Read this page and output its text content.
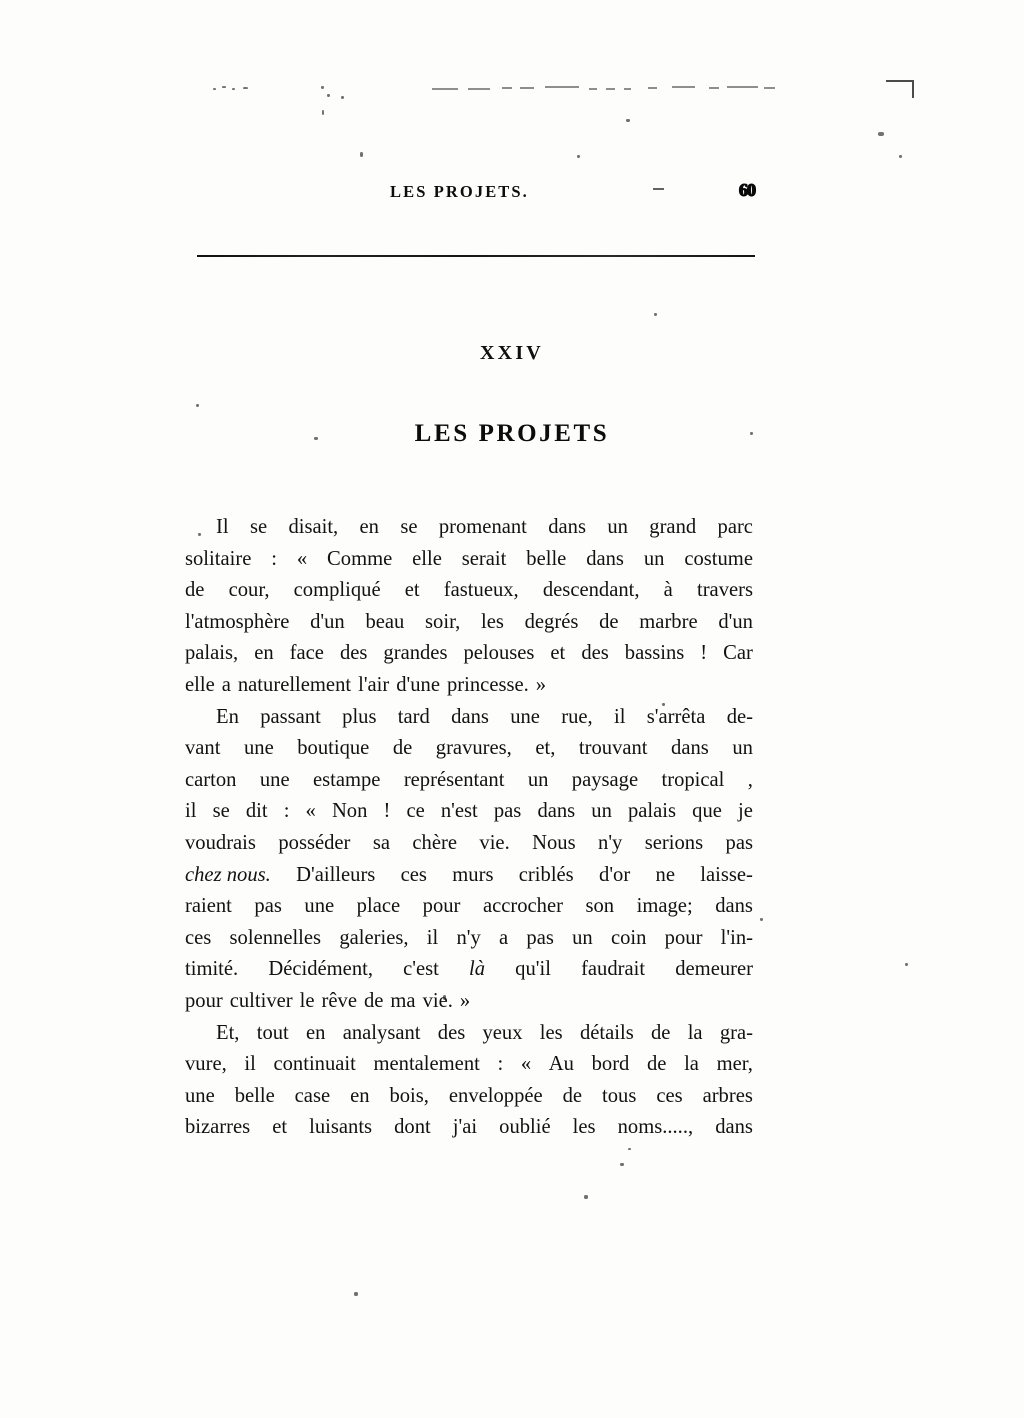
LES PROJETS.	60
XXIV
LES PROJETS

Il se disait, en se promenant dans un grand parc
solitaire : « Comme elle serait belle dans un costume
de cour, compliqué et fastueux, descendant, à travers
l'atmosphère d'un beau soir, les degrés de marbre d'un
palais, en face des grandes pelouses et des bassins ! Car
elle a naturellement l'air d'une princesse. »

En passant plus tard dans une rue, il s'arrêta de-
vant une boutique de gravures, et, trouvant dans un
carton une estampe représentant un paysage tropical ,
il se dit : « Non ! ce n'est pas dans un palais que je
voudrais posséder sa chère vie. Nous n'y serions pas
chez nous. D'ailleurs ces murs criblés d'or ne laisse-
raient pas une place pour accrocher son image; dans
ces solennelles galeries, il n'y a pas un coin pour l'in-
timité. Décidément, c'est là qu'il faudrait demeurer
pour cultiver le rêve de ma vie. »

Et, tout en analysant des yeux les détails de la gra-
vure, il continuait mentalement : « Au bord de la mer,
une belle case en bois, enveloppée de tous ces arbres
bizarres et luisants dont j'ai oublié les noms....., dans
